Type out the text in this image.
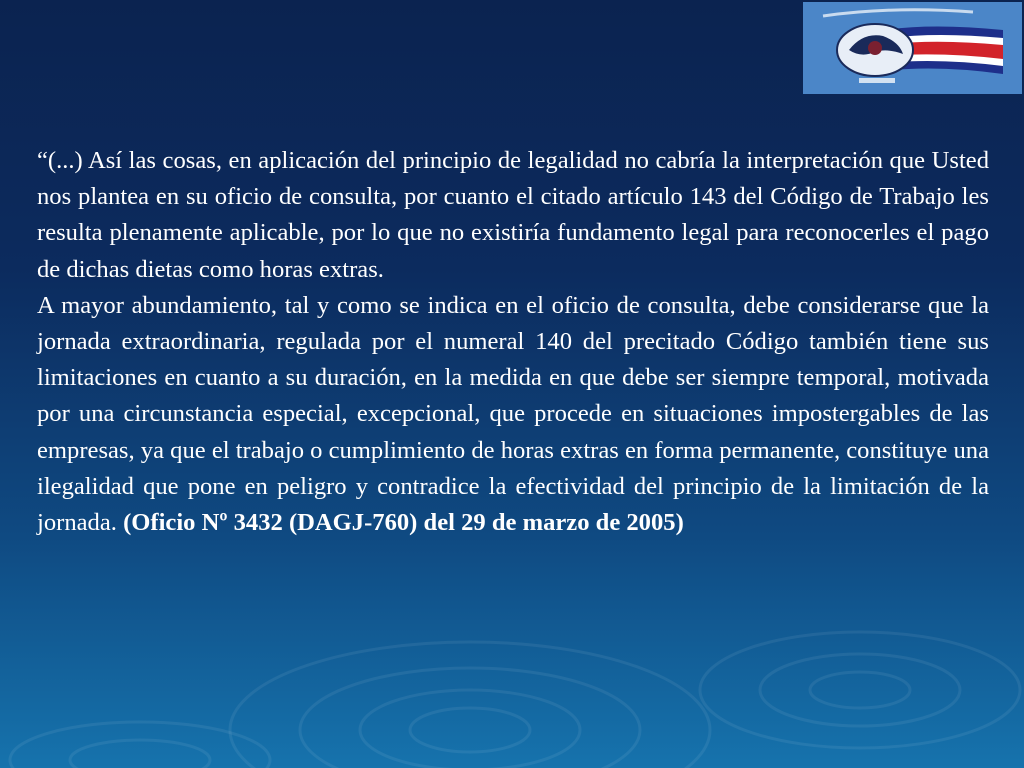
“(...) Así las cosas, en aplicación del principio de legalidad no cabría la interpretación que Usted nos plantea en su oficio de consulta, por cuanto el citado artículo 143 del Código de Trabajo les resulta plenamente aplicable, por lo que no existiría fundamento legal para reconocerles el pago de dichas dietas como horas extras.

A mayor abundamiento, tal y como se indica en el oficio de consulta, debe considerarse que la jornada extraordinaria, regulada por el numeral 140 del precitado Código también tiene sus limitaciones en cuanto a su duración, en la medida en que debe ser siempre temporal, motivada por una circunstancia especial, excepcional, que procede en situaciones impostergables de las empresas, ya que el trabajo o cumplimiento de horas extras en forma permanente, constituye una ilegalidad que pone en peligro y contradice la efectividad del principio de la limitación de la jornada. (Oficio Nº 3432 (DAGJ-760) del 29 de marzo de 2005)
